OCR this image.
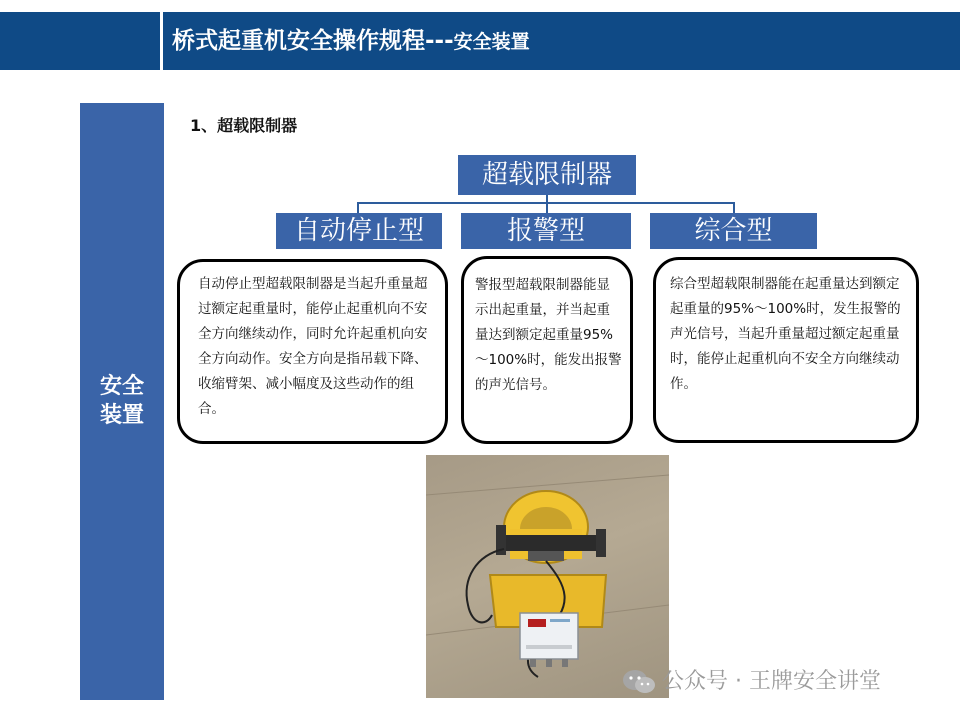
桥式起重机安全操作规程---安全装置
安全
装置
1、超载限制器
超载限制器
自动停止型	报警型	综合型
自动停止型超载限制器是当起升重量超过额定起重量时，能停止起重机向不安全方向继续动作，同时允许起重机向安全方向动作。安全方向是指吊载下降、收缩臂架、减小幅度及这些动作的组合。
警报型超载限制器能显示出起重量，并当起重量达到额定起重量95%～100%时，能发出报警的声光信号。
综合型超载限制器能在起重量达到额定起重量的95%～100%时，发生报警的声光信号，当起升重量超过额定起重量时，能停止起重机向不安全方向继续动作。
公众号 · 王牌安全讲堂
